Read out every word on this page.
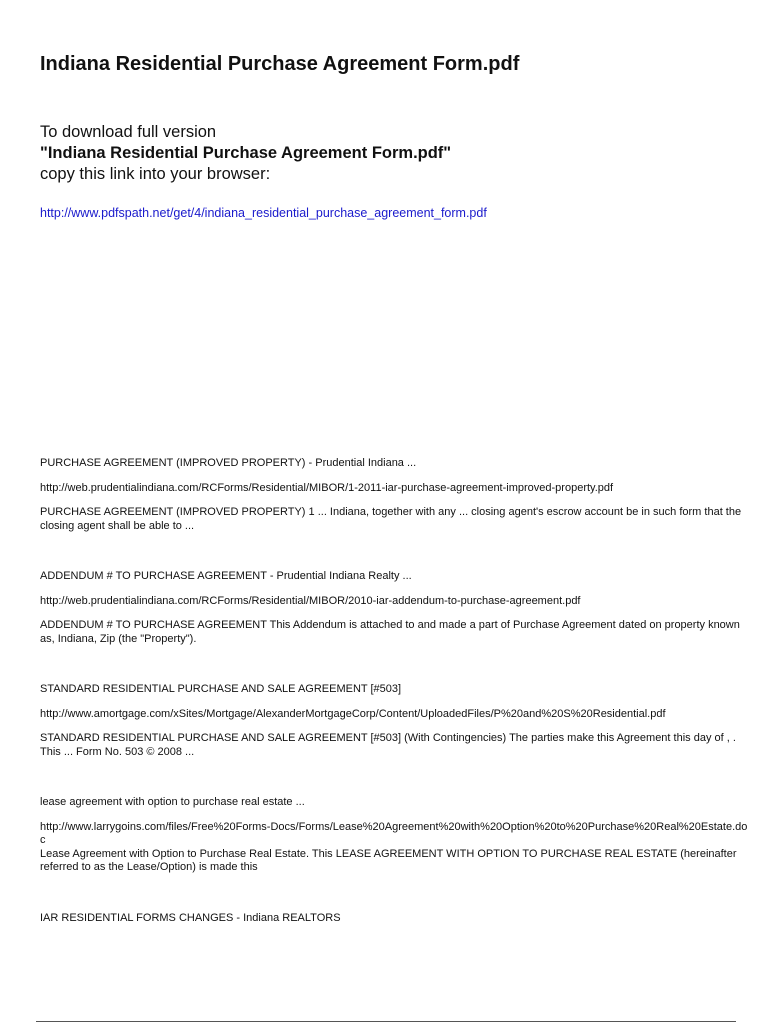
Indiana Residential Purchase Agreement Form.pdf
To download full version
"Indiana Residential Purchase Agreement Form.pdf"
copy this link into your browser:
http://www.pdfspath.net/get/4/indiana_residential_purchase_agreement_form.pdf

PURCHASE AGREEMENT (IMPROVED PROPERTY) - Prudential Indiana ...

http://web.prudentialindiana.com/RCForms/Residential/MIBOR/1-2011-iar-purchase-agreement-improved-property.pdf

PURCHASE AGREEMENT (IMPROVED PROPERTY) 1 ... Indiana, together with any ... closing agent's escrow account be in such form that the closing agent shall be able to ...

ADDENDUM # TO PURCHASE AGREEMENT - Prudential Indiana Realty ...

http://web.prudentialindiana.com/RCForms/Residential/MIBOR/2010-iar-addendum-to-purchase-agreement.pdf

ADDENDUM # TO PURCHASE AGREEMENT This Addendum is attached to and made a part of Purchase Agreement dated on property known as, Indiana, Zip (the "Property").

STANDARD RESIDENTIAL PURCHASE AND SALE AGREEMENT [#503]

http://www.amortgage.com/xSites/Mortgage/AlexanderMortgageCorp/Content/UploadedFiles/P%20and%20S%20Residential.pdf

STANDARD RESIDENTIAL PURCHASE AND SALE AGREEMENT [#503] (With Contingencies) The parties make this Agreement this day of , . This ... Form No. 503 © 2008 ...

lease agreement with option to purchase real estate ...

http://www.larrygoins.com/files/Free%20Forms-Docs/Forms/Lease%20Agreement%20with%20Option%20to%20Purchase%20Real%20Estate.doc

Lease Agreement with Option to Purchase Real Estate. This LEASE AGREEMENT WITH OPTION TO PURCHASE REAL ESTATE (hereinafter referred to as the Lease/Option) is made this

IAR RESIDENTIAL FORMS CHANGES - Indiana REALTORS
